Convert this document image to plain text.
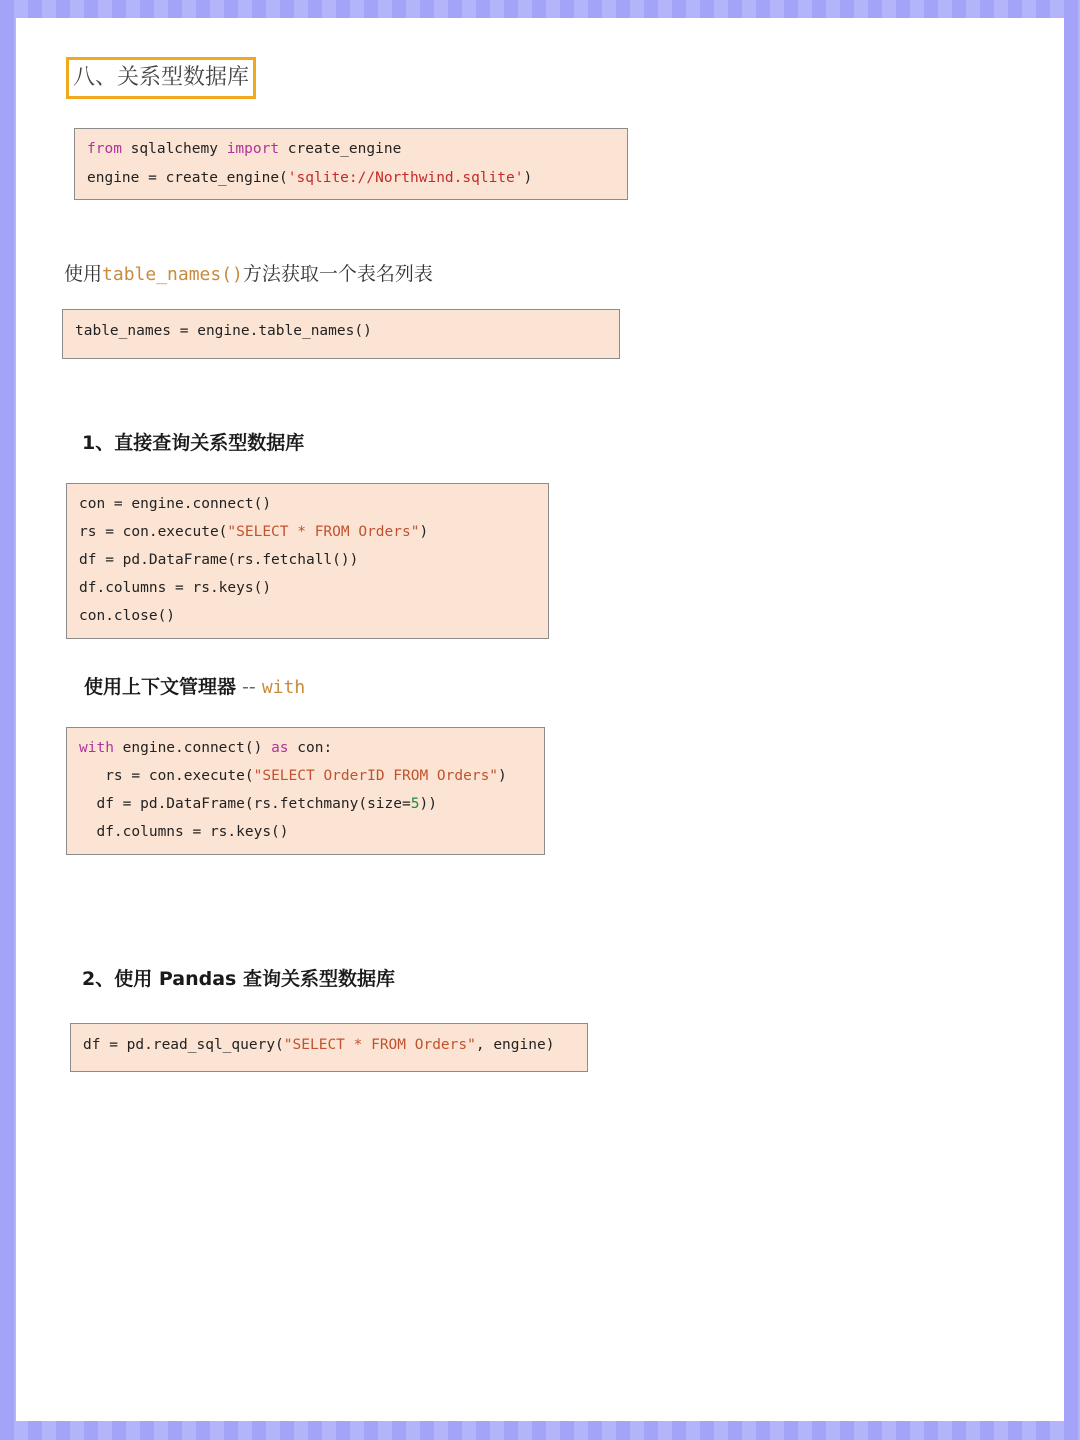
八、关系型数据库
from sqlalchemy import create_engine
engine = create_engine('sqlite://Northwind.sqlite')
使用table_names()方法获取一个表名列表
table_names = engine.table_names()
1、直接查询关系型数据库
con = engine.connect()
rs = con.execute("SELECT * FROM Orders")
df = pd.DataFrame(rs.fetchall())
df.columns = rs.keys()
con.close()
使用上下文管理器 -- with
with engine.connect() as con:
rs = con.execute("SELECT OrderID FROM Orders")
df = pd.DataFrame(rs.fetchmany(size=5))
df.columns = rs.keys()
2、使用 Pandas 查询关系型数据库
df = pd.read_sql_query("SELECT * FROM Orders", engine)
